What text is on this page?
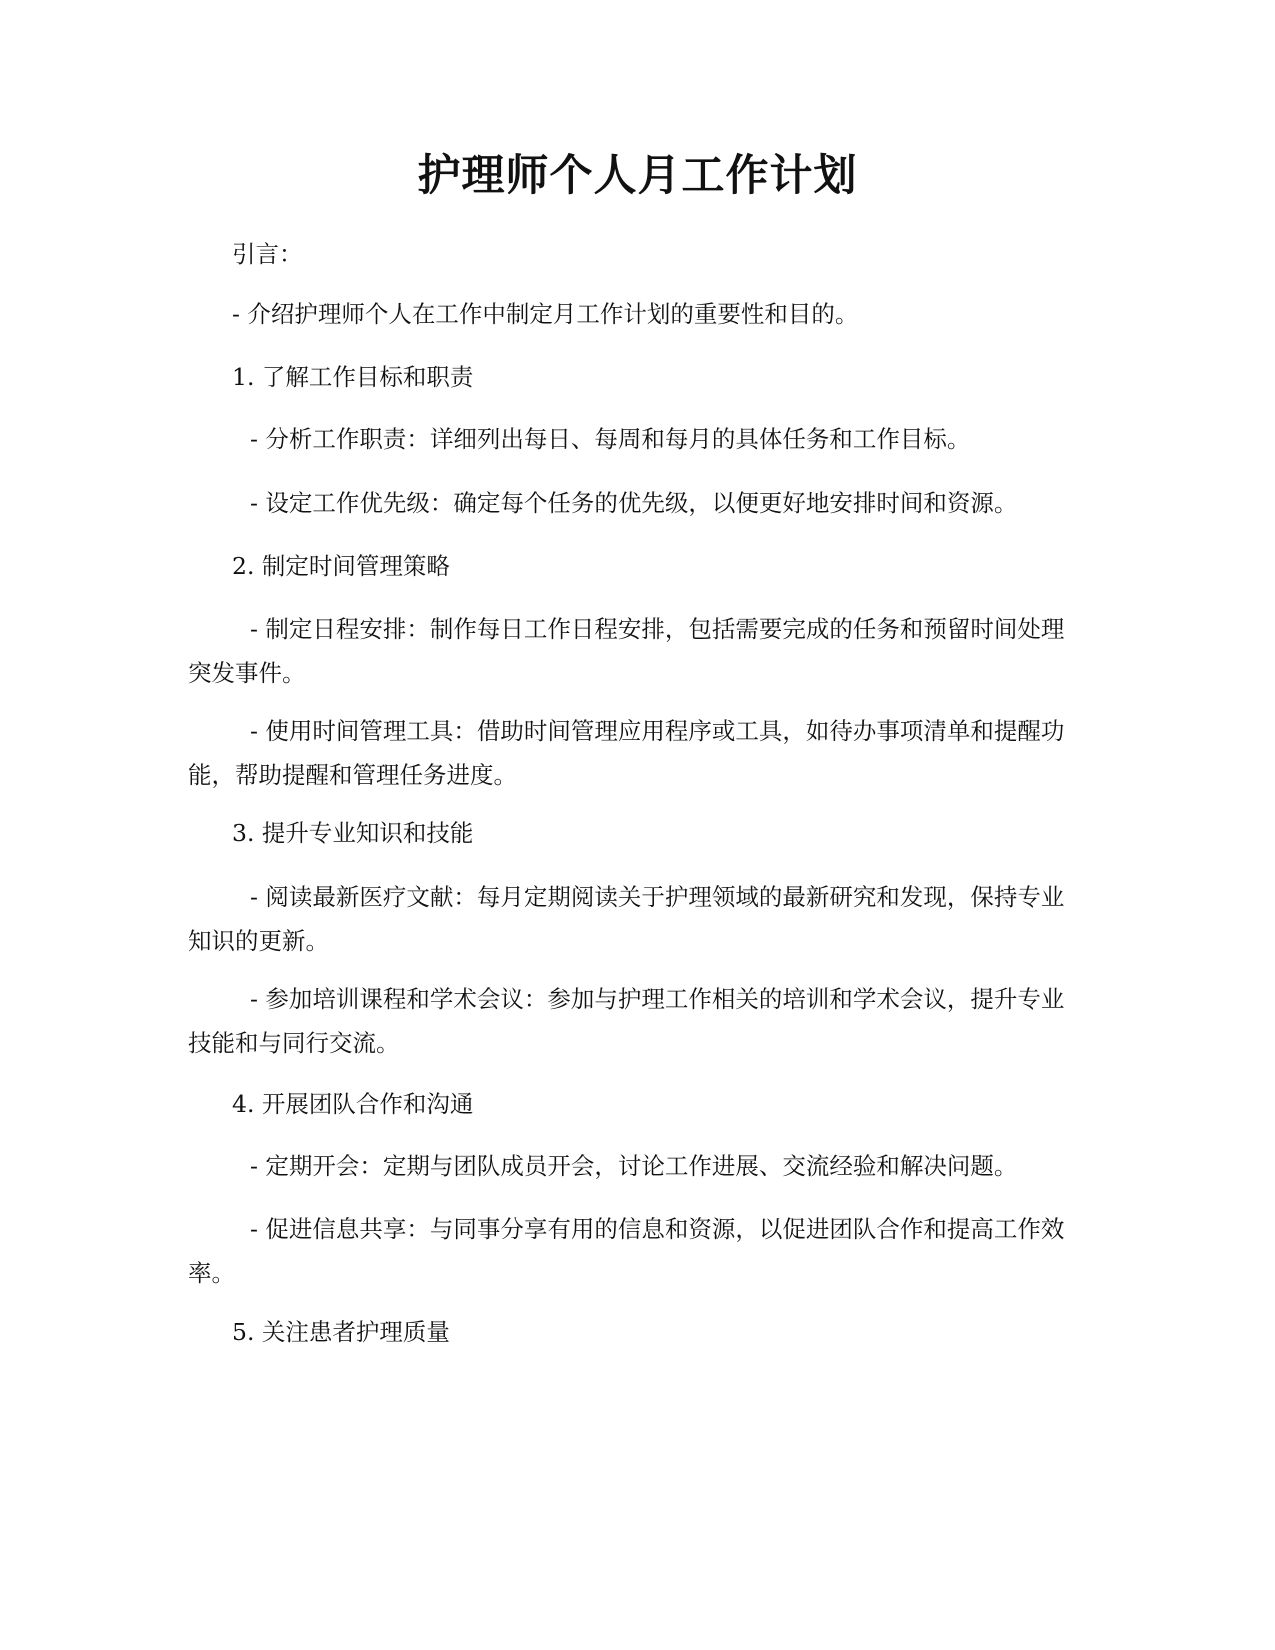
护理师个人月工作计划

引言：

- 介绍护理师个人在工作中制定月工作计划的重要性和目的。

1. 了解工作目标和职责

- 分析工作职责：详细列出每日、每周和每月的具体任务和工作目标。

- 设定工作优先级：确定每个任务的优先级，以便更好地安排时间和资源。

2. 制定时间管理策略

- 制定日程安排：制作每日工作日程安排，包括需要完成的任务和预留时间处理突发事件。

- 使用时间管理工具：借助时间管理应用程序或工具，如待办事项清单和提醒功能，帮助提醒和管理任务进度。

3. 提升专业知识和技能

- 阅读最新医疗文献：每月定期阅读关于护理领域的最新研究和发现，保持专业知识的更新。

- 参加培训课程和学术会议：参加与护理工作相关的培训和学术会议，提升专业技能和与同行交流。

4. 开展团队合作和沟通

- 定期开会：定期与团队成员开会，讨论工作进展、交流经验和解决问题。

- 促进信息共享：与同事分享有用的信息和资源，以促进团队合作和提高工作效率。

5. 关注患者护理质量
